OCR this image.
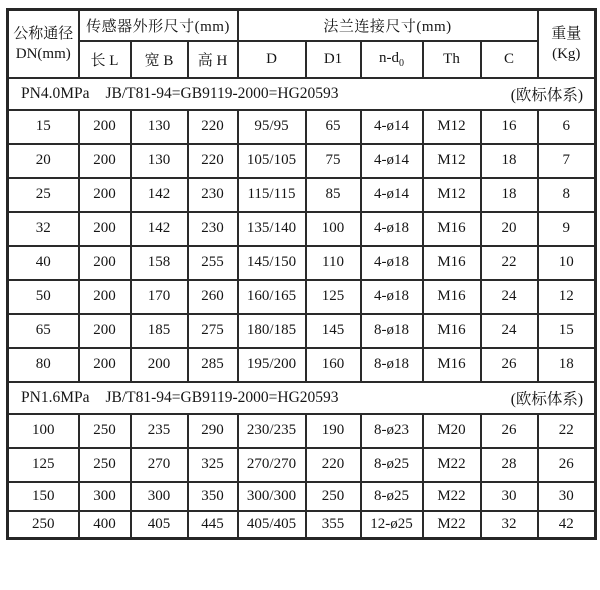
公称通径
DN(mm)
	传感器外形尺寸(mm)	法兰连接尺寸(mm)	重量
(Kg)

	长 L	宽 B	高 H	D	D1	$n-d_0$	Th	C	

PN4.0MPa JB/T81-94=GB9119-2000=HG20593 (欧标体系)									

15	200	130	220	95/95	65	4-ø14	M12	16	6
20	200	130	220	105/105	75	4-ø14	M12	18	7
25	200	142	230	115/115	85	4-ø14	M12	18	8
32	200	142	230	135/140	100	4-ø18	M16	20	9
40	200	158	255	145/150	110	4-ø18	M16	22	10
50	200	170	260	160/165	125	4-ø18	M16	24	12
65	200	185	275	180/185	145	8-ø18	M16	24	15
80	200	200	285	195/200	160	8-ø18	M16	26	18

PN1.6MPa JB/T81-94=GB9119-2000=HG20593 (欧标体系)									

100	250	235	290	230/235	190	8-ø23	M20	26	22
125	250	270	325	270/270	220	8-ø25	M22	28	26
150	300	300	350	300/300	250	8-ø25	M22	30	30
250	400	405	445	405/405	355	12-ø25	M22	32	42
